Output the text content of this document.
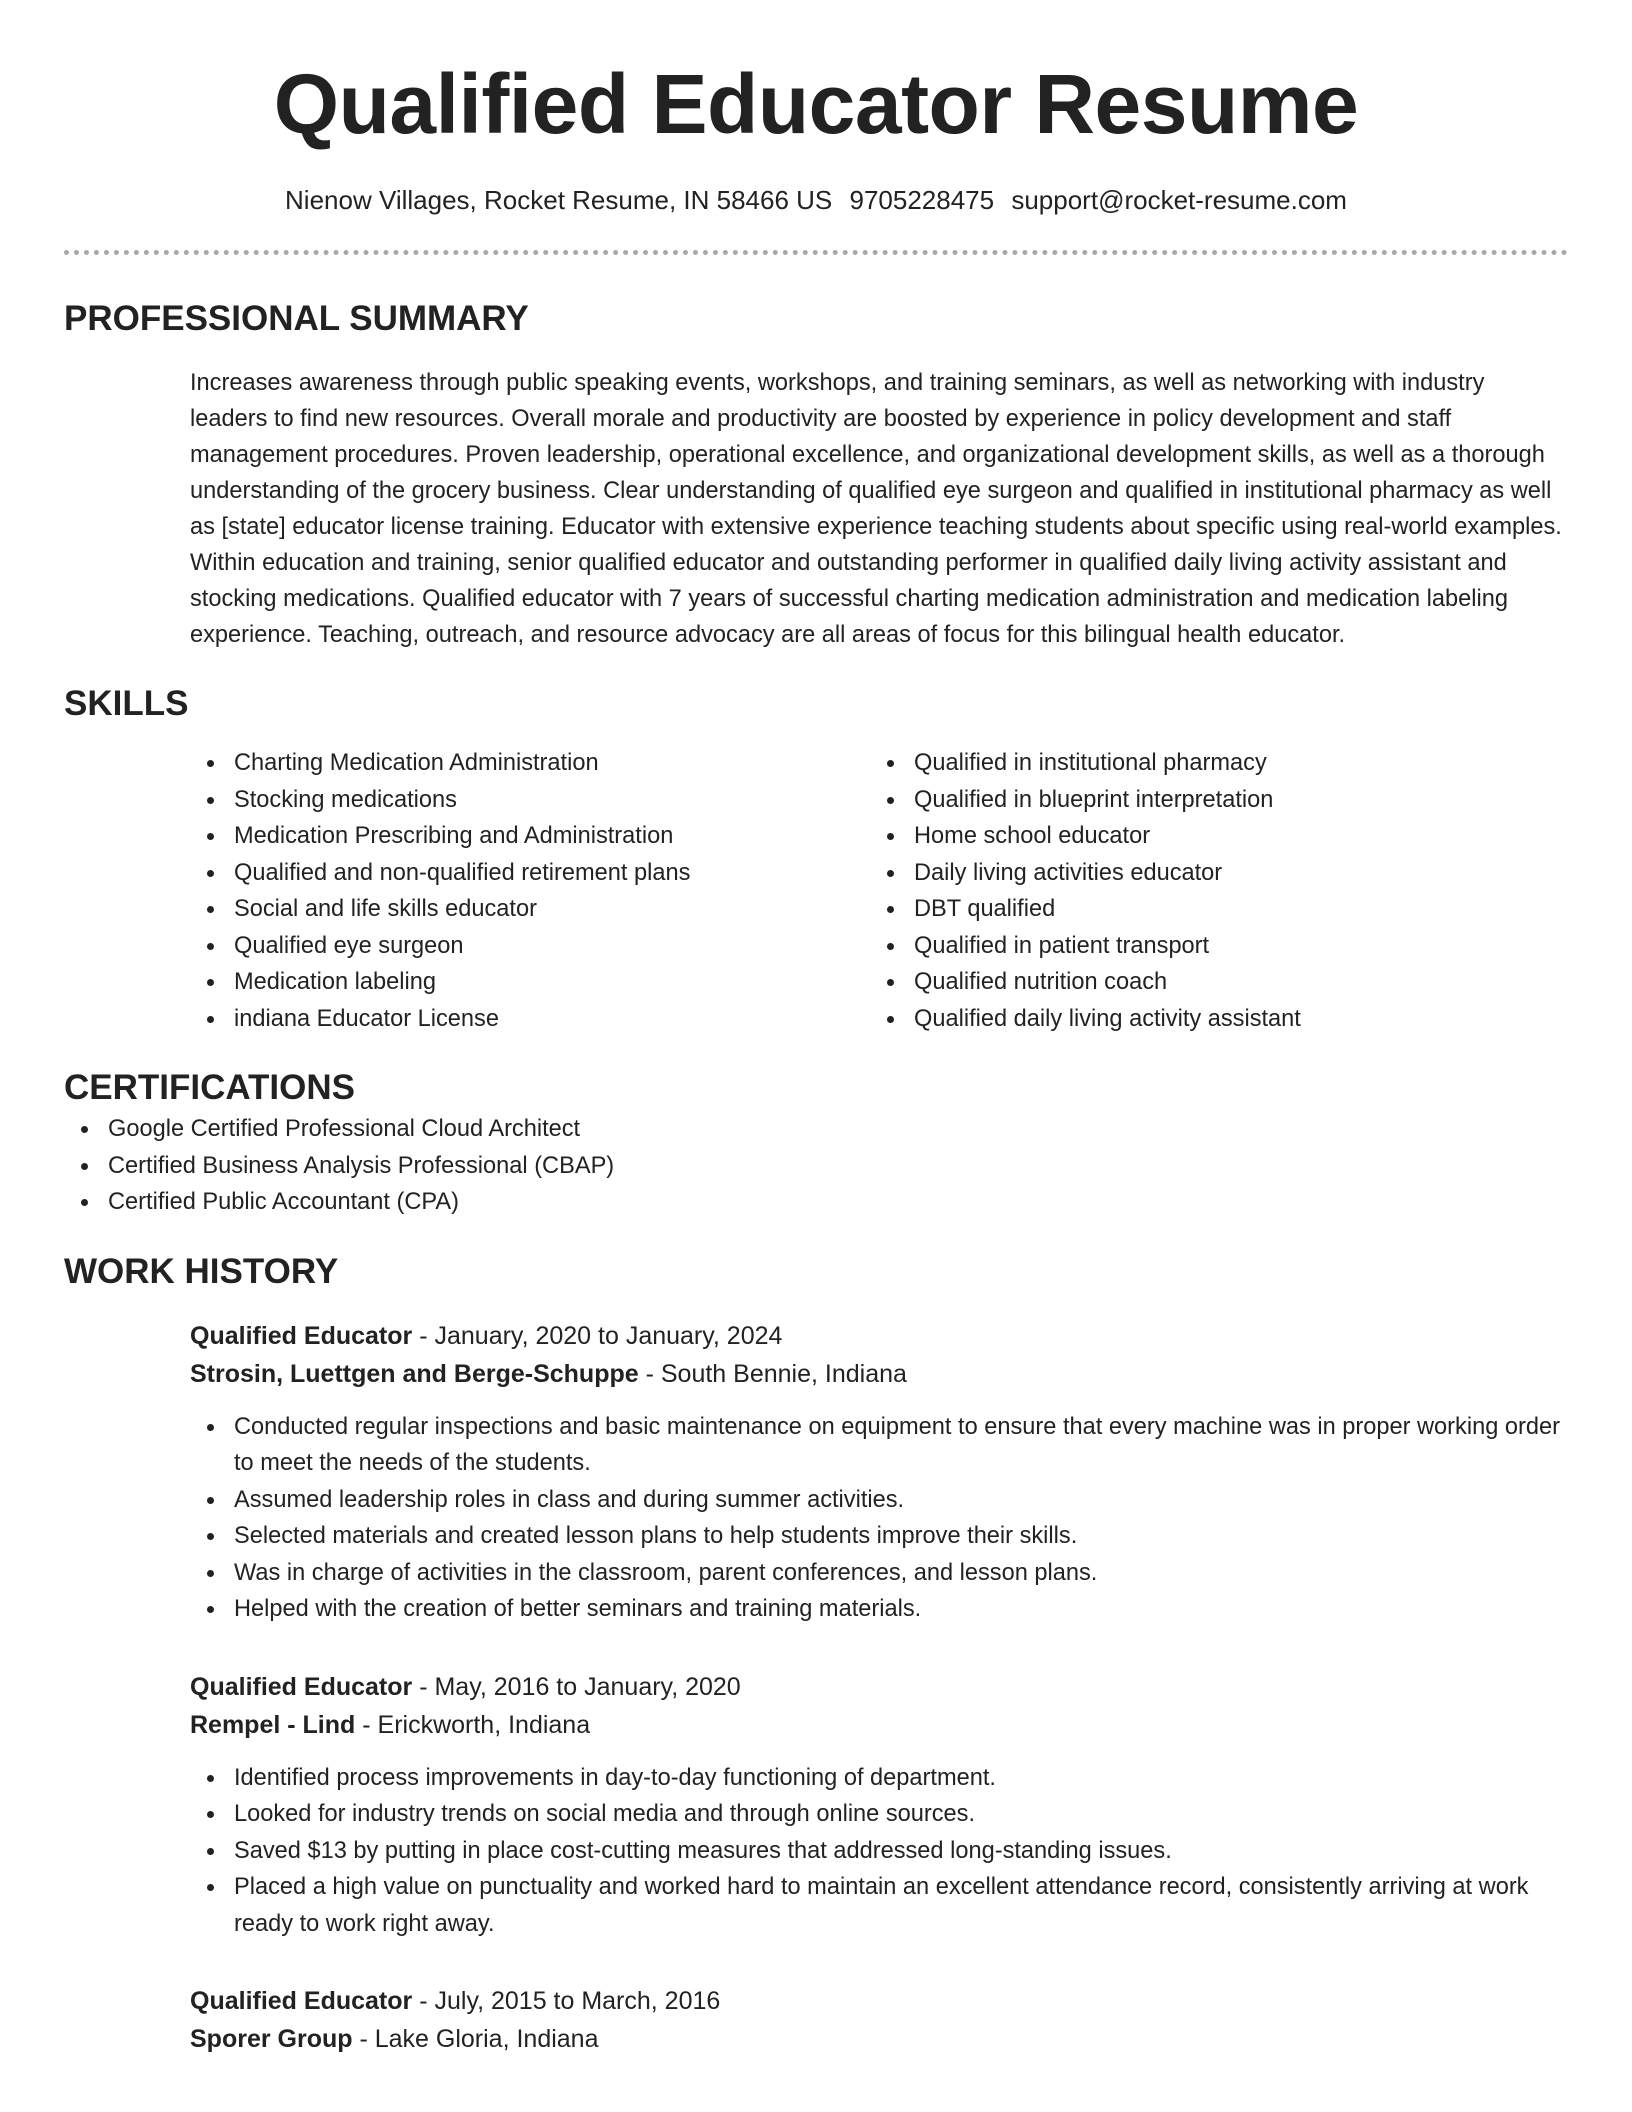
Qualified Educator Resume
Nienow Villages, Rocket Resume, IN 58466 US 9705228475 support@rocket-resume.com
PROFESSIONAL SUMMARY
Increases awareness through public speaking events, workshops, and training seminars, as well as networking with industry leaders to find new resources. Overall morale and productivity are boosted by experience in policy development and staff management procedures. Proven leadership, operational excellence, and organizational development skills, as well as a thorough understanding of the grocery business. Clear understanding of qualified eye surgeon and qualified in institutional pharmacy as well as [state] educator license training. Educator with extensive experience teaching students about specific using real-world examples. Within education and training, senior qualified educator and outstanding performer in qualified daily living activity assistant and stocking medications. Qualified educator with 7 years of successful charting medication administration and medication labeling experience. Teaching, outreach, and resource advocacy are all areas of focus for this bilingual health educator.
SKILLS
Charting Medication Administration
Stocking medications
Medication Prescribing and Administration
Qualified and non-qualified retirement plans
Social and life skills educator
Qualified eye surgeon
Medication labeling
indiana Educator License
Qualified in institutional pharmacy
Qualified in blueprint interpretation
Home school educator
Daily living activities educator
DBT qualified
Qualified in patient transport
Qualified nutrition coach
Qualified daily living activity assistant
CERTIFICATIONS
Google Certified Professional Cloud Architect
Certified Business Analysis Professional (CBAP)
Certified Public Accountant (CPA)
WORK HISTORY
Qualified Educator - January, 2020 to January, 2024
Strosin, Luettgen and Berge-Schuppe - South Bennie, Indiana
Conducted regular inspections and basic maintenance on equipment to ensure that every machine was in proper working order to meet the needs of the students.
Assumed leadership roles in class and during summer activities.
Selected materials and created lesson plans to help students improve their skills.
Was in charge of activities in the classroom, parent conferences, and lesson plans.
Helped with the creation of better seminars and training materials.
Qualified Educator - May, 2016 to January, 2020
Rempel - Lind - Erickworth, Indiana
Identified process improvements in day-to-day functioning of department.
Looked for industry trends on social media and through online sources.
Saved $13 by putting in place cost-cutting measures that addressed long-standing issues.
Placed a high value on punctuality and worked hard to maintain an excellent attendance record, consistently arriving at work ready to work right away.
Qualified Educator - July, 2015 to March, 2016
Sporer Group - Lake Gloria, Indiana
